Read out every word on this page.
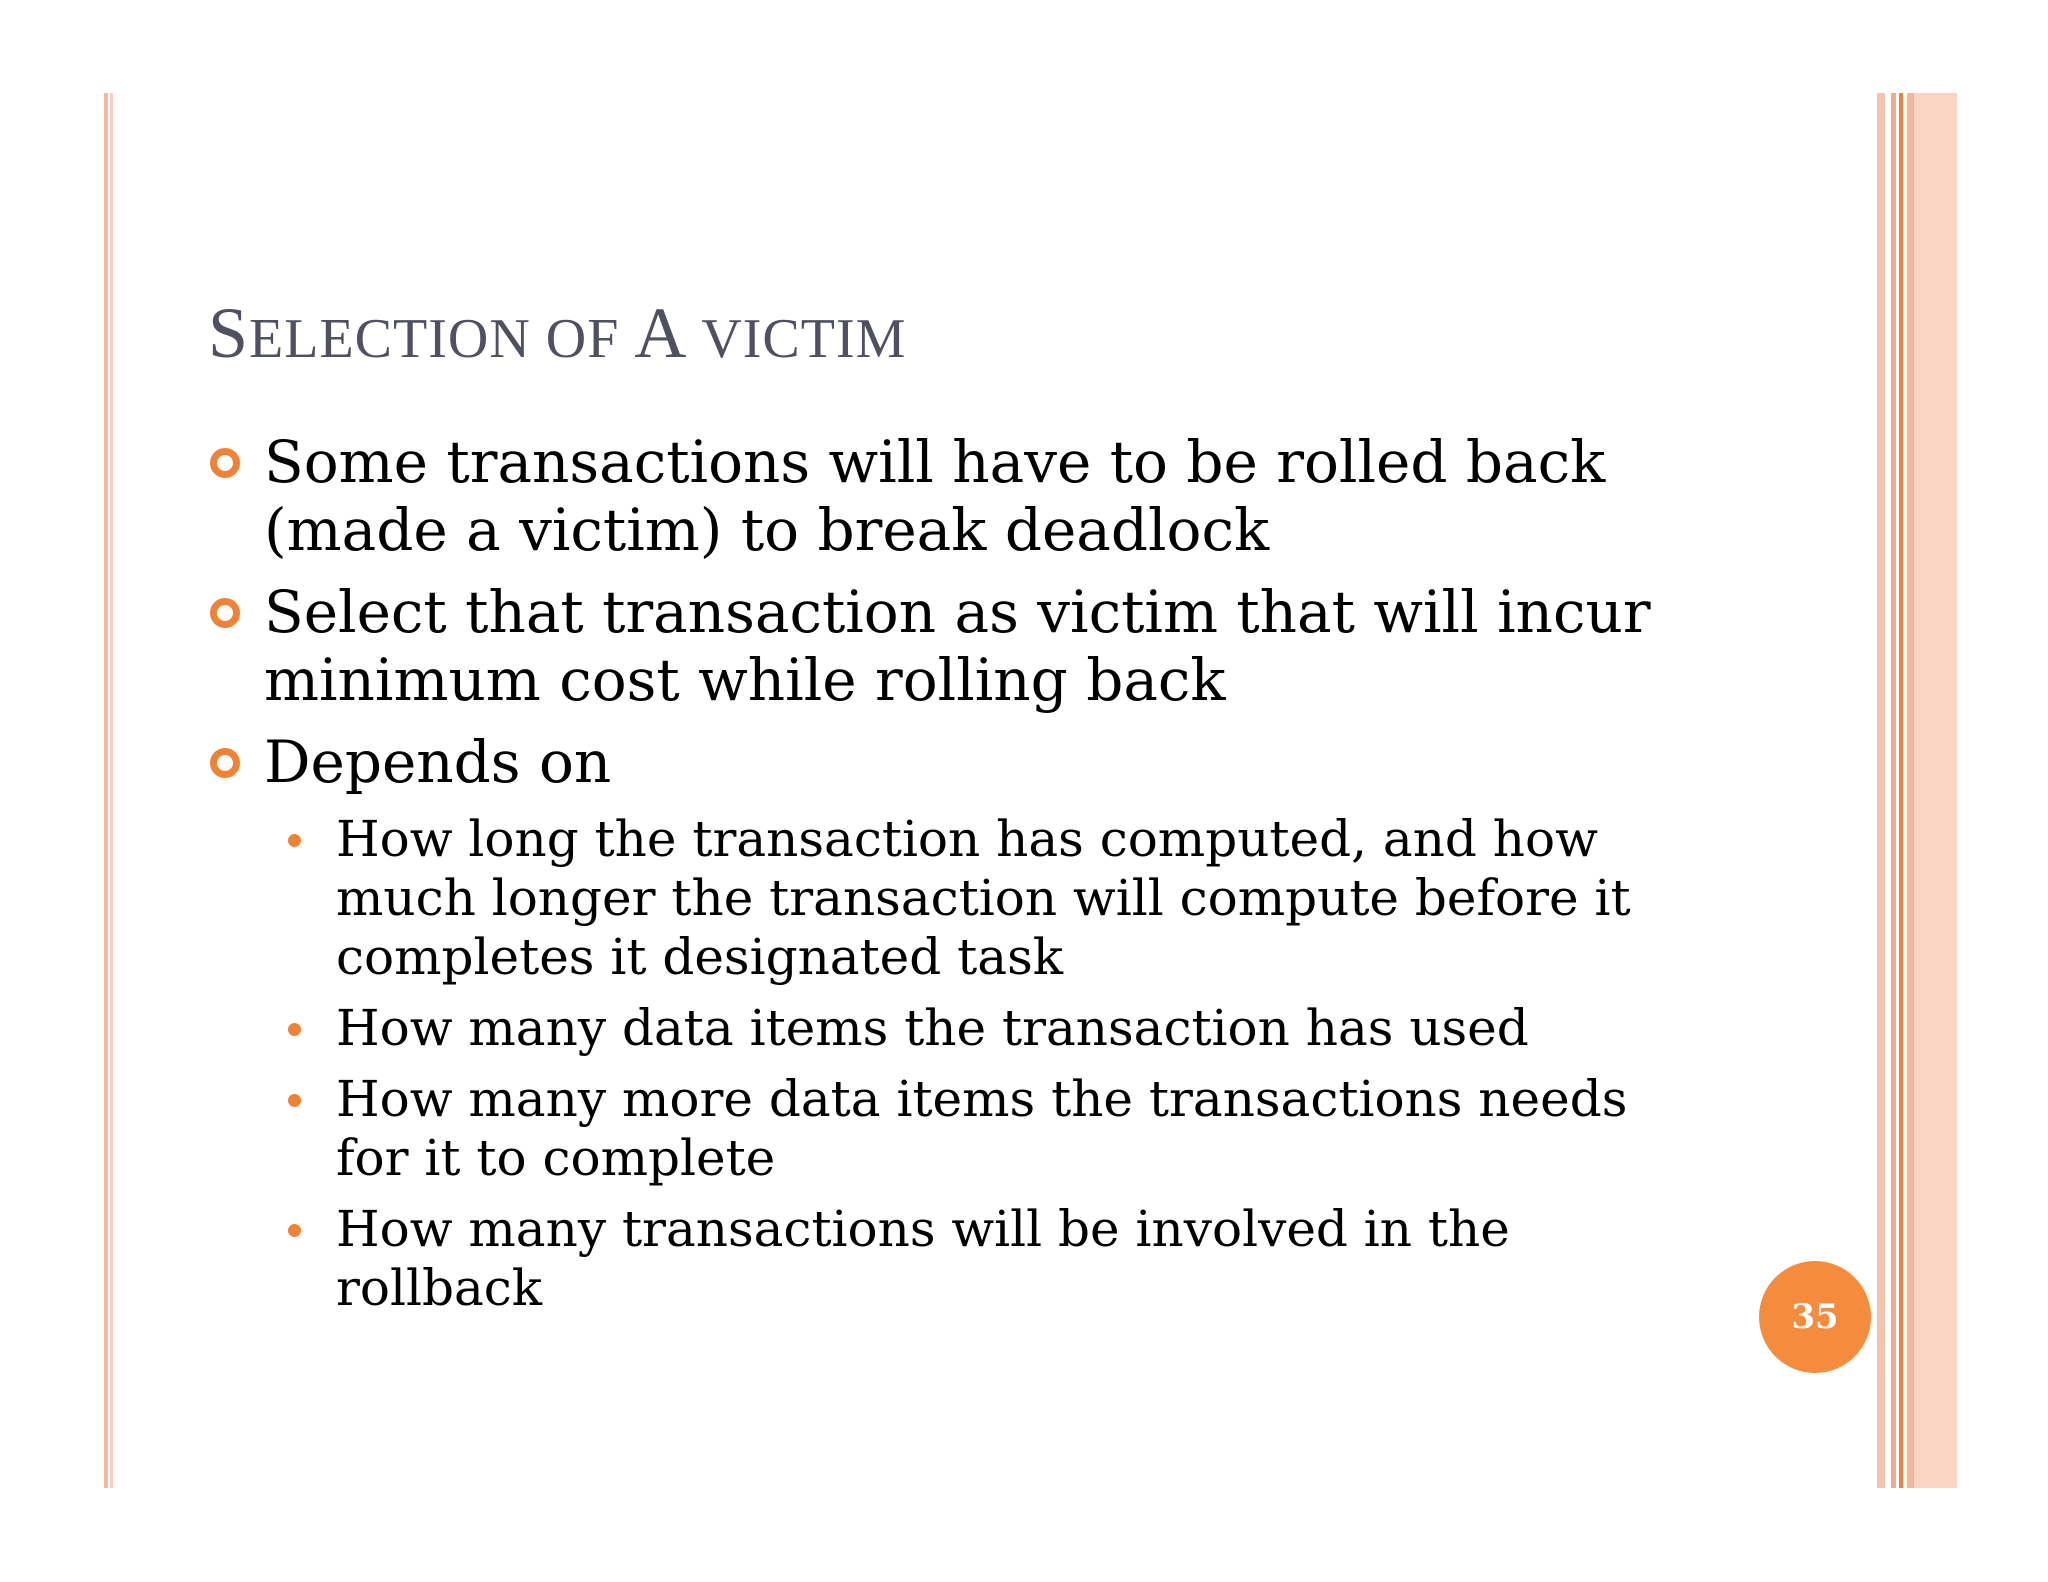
SELECTION OF A VICTIM
Some transactions will have to be rolled back (made a victim) to break deadlock
Select that transaction as victim that will incur minimum cost while rolling back
Depends on
How long the transaction has computed, and how much longer the transaction will compute before it completes it designated task
How many data items the transaction has used
How many more data items the transactions needs for it to complete
How many transactions will be involved in the rollback	35
